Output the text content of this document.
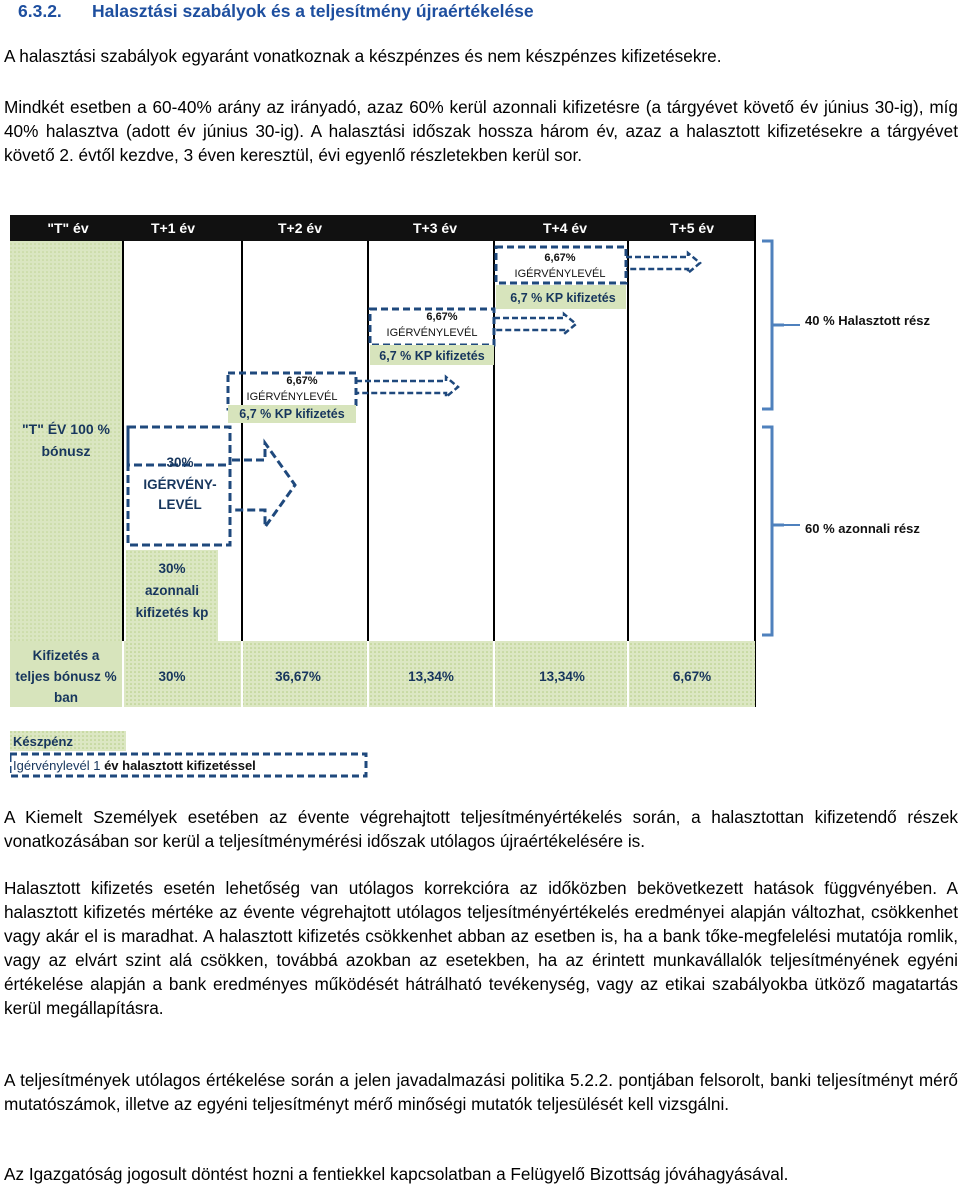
6.3.2. Halasztási szabályok és a teljesítmény újraértékelése

A halasztási szabályok egyaránt vonatkoznak a készpénzes és nem készpénzes kifizetésekre.

Mindkét esetben a 60-40% arány az irányadó, azaz 60% kerül azonnali kifizetésre (a tárgyévet követő év június 30-ig), míg 40% halasztva (adott év június 30-ig). A halasztási időszak hossza három év, azaz a halasztott kifizetésekre a tárgyévet követő 2. évtől kezdve, 3 éven keresztül, évi egyenlő részletekben kerül sor.

"T" év	T+1 év	T+2 év	T+3 év	T+4 év	T+5 év
"T" ÉV 100 %
bónusz
30%
IGÉRVÉNY-
LEVÉL
30%
azonnali
kifizetés kp
6,67%
IGÉRVÉNYLEVÉL
6,7 % KP kifizetés
6,67%
IGÉRVÉNYLEVÉL
6,7 % KP kifizetés
6,67%
IGÉRVÉNYLEVÉL
6,7 % KP kifizetés
40 % Halasztott rész
60 % azonnali rész
Kifizetés a
teljes bónusz %
ban
30%	36,67%	13,34%	13,34%	6,67%
Készpénz
Igérvénylevél 1 év halasztott kifizetéssel

A Kiemelt Személyek esetében az évente végrehajtott teljesítményértékelés során, a halasztottan kifizetendő részek vonatkozásában sor kerül a teljesítménymérési időszak utólagos újraértékelésére is.

Halasztott kifizetés esetén lehetőség van utólagos korrekcióra az időközben bekövetkezett hatások függvényében. A halasztott kifizetés mértéke az évente végrehajtott utólagos teljesítményértékelés eredményei alapján változhat, csökkenhet vagy akár el is maradhat. A halasztott kifizetés csökkenhet abban az esetben is, ha a bank tőke-megfelelési mutatója romlik, vagy az elvárt szint alá csökken, továbbá azokban az esetekben, ha az érintett munkavállalók teljesítményének egyéni értékelése alapján a bank eredményes működését hátrálható tevékenység, vagy az etikai szabályokba ütköző magatartás kerül megállapításra.

A teljesítmények utólagos értékelése során a jelen javadalmazási politika 5.2.2. pontjában felsorolt, banki teljesítményt mérő mutatószámok, illetve az egyéni teljesítményt mérő minőségi mutatók teljesülését kell vizsgálni.

Az Igazgatóság jogosult döntést hozni a fentiekkel kapcsolatban a Felügyelő Bizottság jóváhagyásával.
